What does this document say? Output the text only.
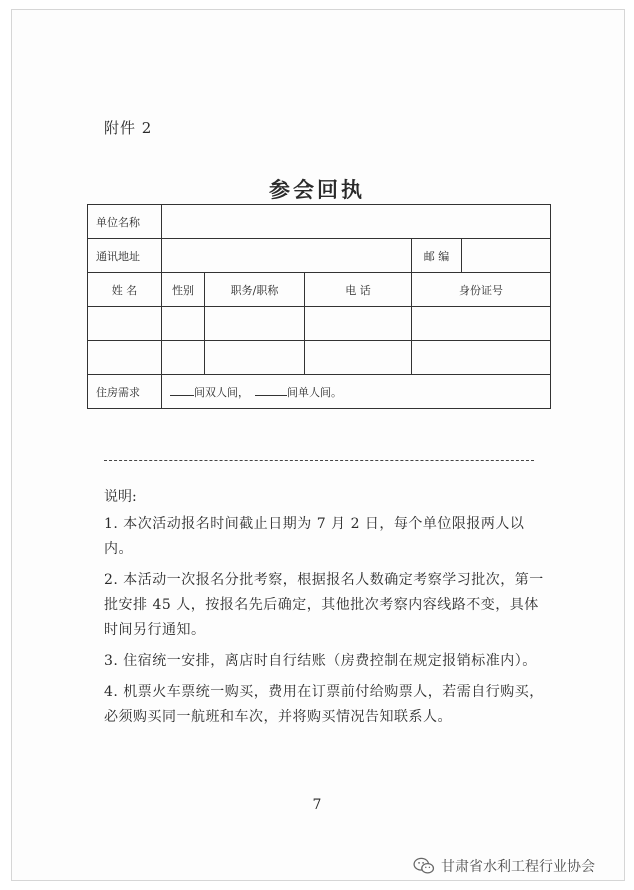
附件 2
参会回执
单位名称					
通讯地址				邮 编	
姓 名	性别	职务/职称	电 话	身份证号	

住房需求	间双人间， 间单人间。				
说明:

1. 本次活动报名时间截止日期为 7 月 2 日，每个单位限报两人以内。

2. 本活动一次报名分批考察，根据报名人数确定考察学习批次，第一批安排 45 人，按报名先后确定，其他批次考察内容线路不变，具体时间另行通知。

3. 住宿统一安排，离店时自行结账（房费控制在规定报销标准内）。

4. 机票火车票统一购买，费用在订票前付给购票人，若需自行购买，必须购买同一航班和车次，并将购买情况告知联系人。

7
甘肃省水利工程行业协会
